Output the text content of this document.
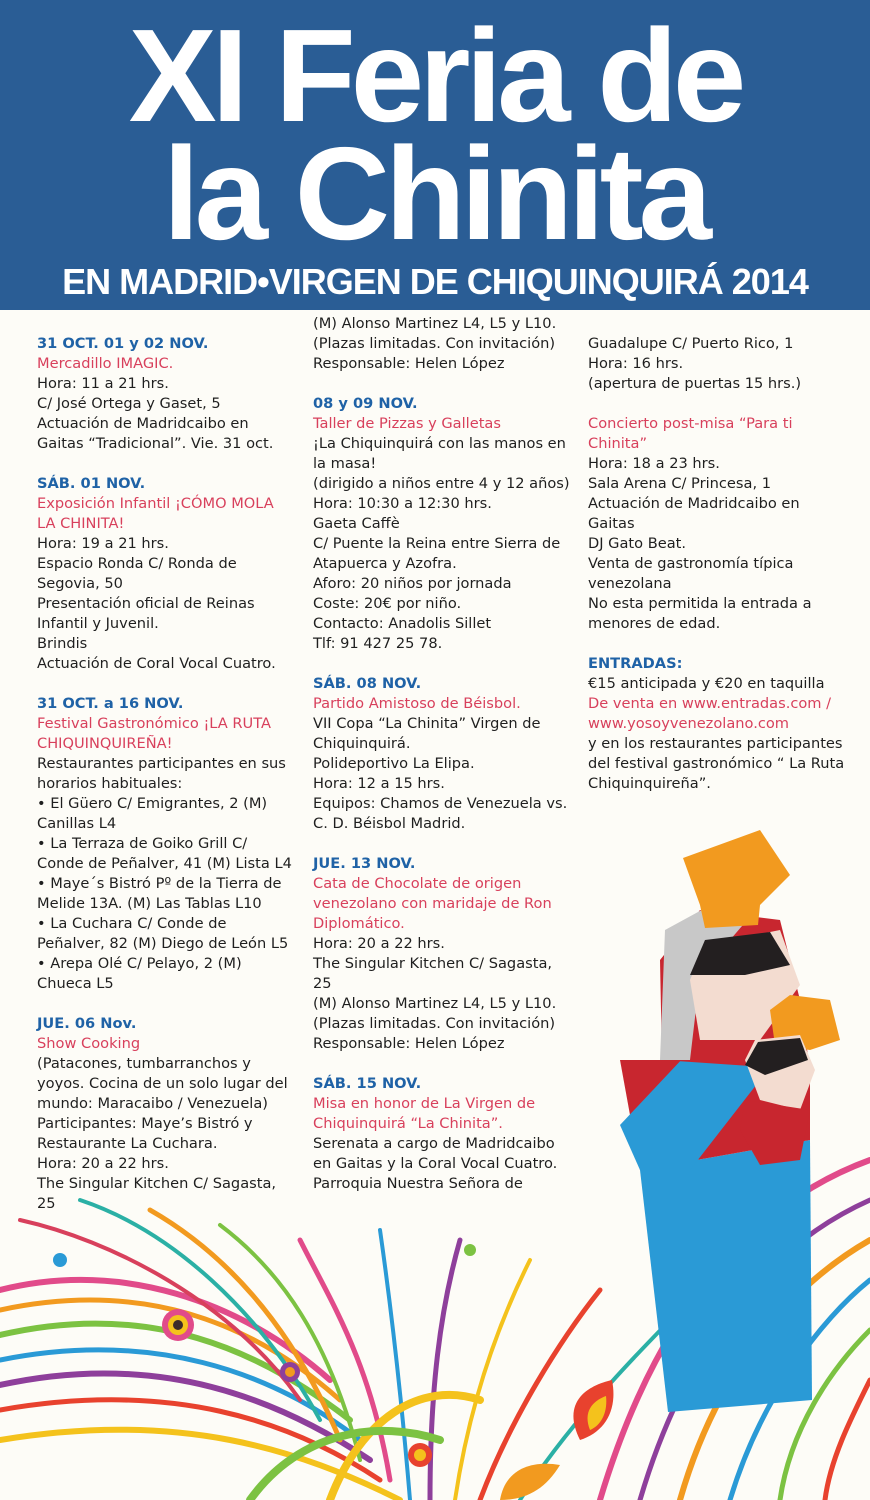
XI Feria de
la Chinita
EN MADRID•VIRGEN DE CHIQUINQUIRÁ 2014
31 OCT. 01 y 02 NOV.
Mercadillo IMAGIC.
Hora: 11 a 21 hrs.
C/ José Ortega y Gaset, 5
Actuación de Madridcaibo en
Gaitas “Tradicional”. Vie. 31 oct.
SÁB. 01 NOV.
Exposición Infantil ¡CÓMO MOLA
LA CHINITA!
Hora: 19 a 21 hrs.
Espacio Ronda C/ Ronda de
Segovia, 50
Presentación oficial de Reinas
Infantil y Juvenil.
Brindis
Actuación de Coral Vocal Cuatro.
31 OCT. a 16 NOV.
Festival Gastronómico ¡LA RUTA
CHIQUINQUIREÑA!
Restaurantes participantes en sus
horarios habituales:
• El Güero C/ Emigrantes, 2 (M)
Canillas L4
• La Terraza de Goiko Grill C/
Conde de Peñalver, 41 (M) Lista L4
• Maye´s Bistró Pº de la Tierra de
Melide 13A. (M) Las Tablas L10
• La Cuchara C/ Conde de
Peñalver, 82 (M) Diego de León L5
• Arepa Olé C/ Pelayo, 2 (M)
Chueca L5
JUE. 06 Nov.
Show Cooking
(Patacones, tumbarranchos y
yoyos. Cocina de un solo lugar del
mundo: Maracaibo / Venezuela)
Participantes: Maye’s Bistró y
Restaurante La Cuchara.
Hora: 20 a 22 hrs.
The Singular Kitchen C/ Sagasta, 25
(M) Alonso Martinez L4, L5 y L10.
(Plazas limitadas. Con invitación)
Responsable: Helen López
08 y 09 NOV.
Taller de Pizzas y Galletas
¡La Chiquinquirá con las manos en
la masa!
(dirigido a niños entre 4 y 12 años)
Hora: 10:30 a 12:30 hrs.
Gaeta Caffè
C/ Puente la Reina entre Sierra de
Atapuerca y Azofra.
Aforo: 20 niños por jornada
Coste: 20€ por niño.
Contacto: Anadolis Sillet
Tlf: 91 427 25 78.
SÁB. 08 NOV.
Partido Amistoso de Béisbol.
VII Copa “La Chinita” Virgen de
Chiquinquirá.
Polideportivo La Elipa.
Hora: 12 a 15 hrs.
Equipos: Chamos de Venezuela vs.
C. D. Béisbol Madrid.
JUE. 13 NOV.
Cata de Chocolate de origen
venezolano con maridaje de Ron
Diplomático.
Hora: 20 a 22 hrs.
The Singular Kitchen C/ Sagasta, 25
(M) Alonso Martinez L4, L5 y L10.
(Plazas limitadas. Con invitación)
Responsable: Helen López
SÁB. 15 NOV.
Misa en honor de La Virgen de
Chiquinquirá “La Chinita”.
Serenata a cargo de Madridcaibo
en Gaitas y la Coral Vocal Cuatro.
Parroquia Nuestra Señora de
Guadalupe C/ Puerto Rico, 1
Hora: 16 hrs.
(apertura de puertas 15 hrs.)
Concierto post-misa “Para ti
Chinita”
Hora: 18 a 23 hrs.
Sala Arena C/ Princesa, 1
Actuación de Madridcaibo en
Gaitas
DJ Gato Beat.
Venta de gastronomía típica
venezolana
No esta permitida la entrada a
menores de edad.
ENTRADAS:
€15 anticipada y €20 en taquilla
De venta en www.entradas.com /
www.yosoyvenezolano.com
y en los restaurantes participantes
del festival gastronómico “ La Ruta
Chiquinquireña”.
